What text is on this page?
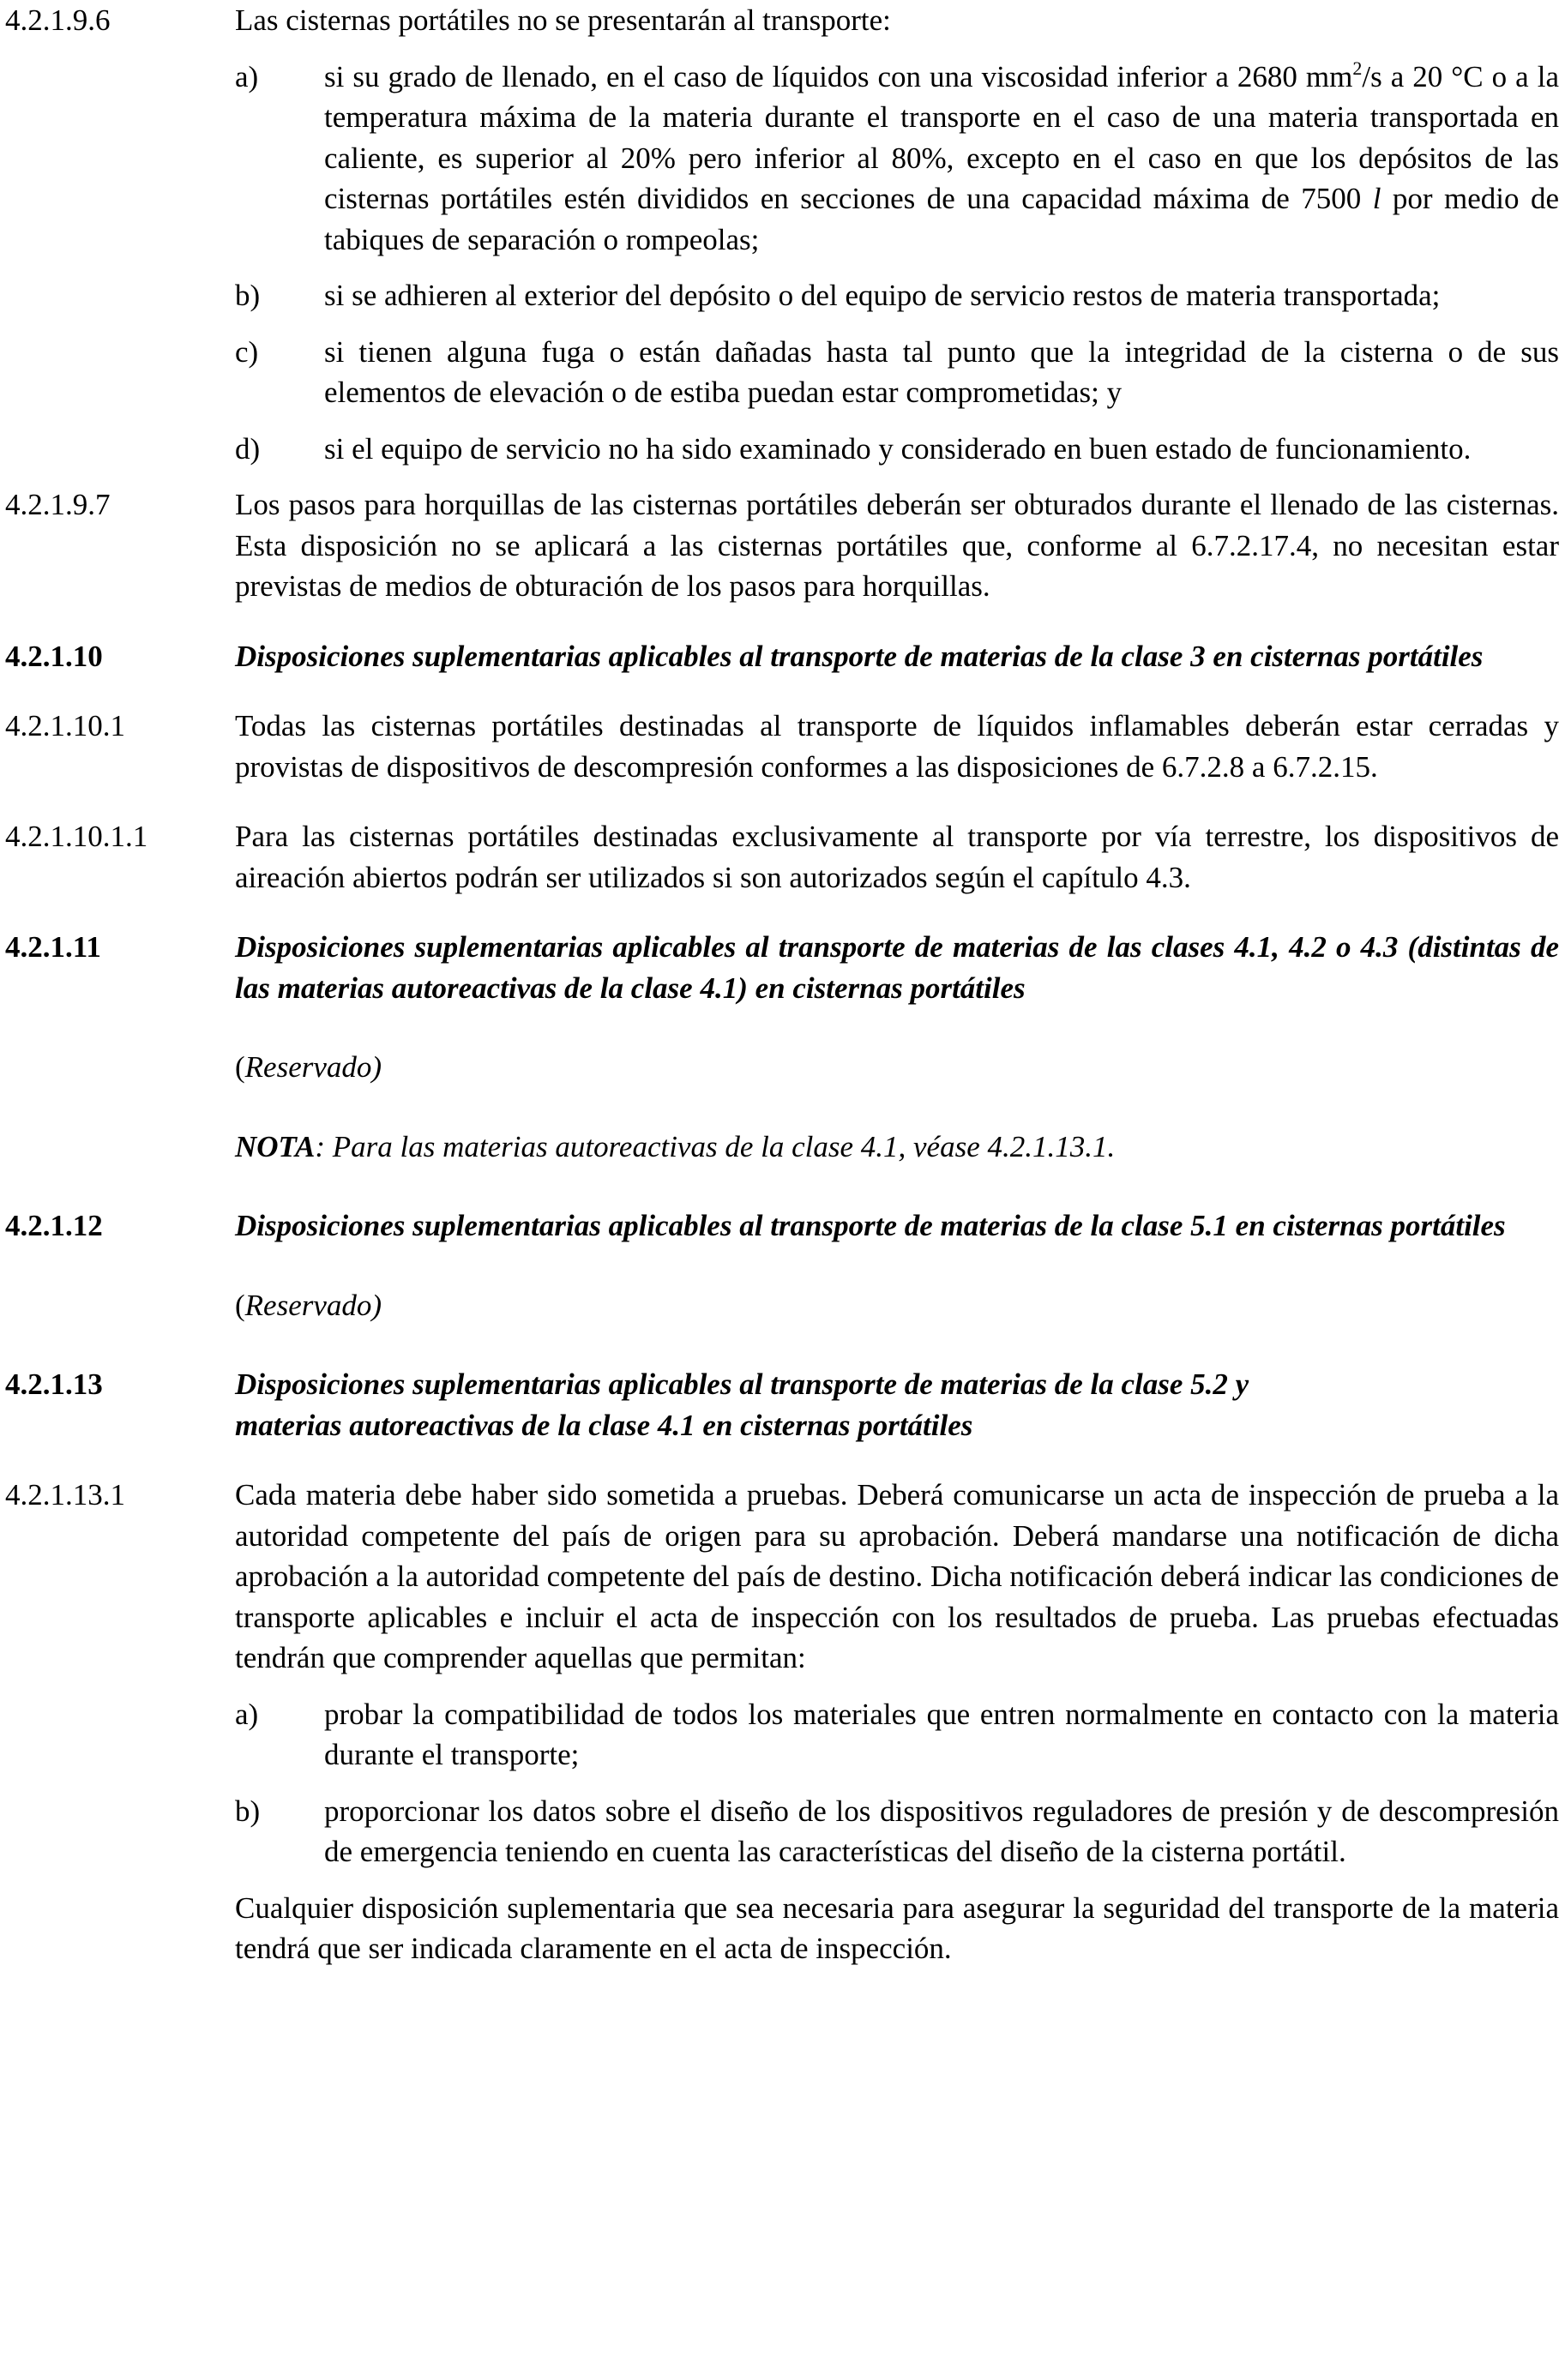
4.2.1.9.6	Las cisternas portátiles no se presentarán al transporte:
a)	si su grado de llenado, en el caso de líquidos con una viscosidad inferior a 2680 $mm^2/s$ a 20 °C o a la temperatura máxima de la materia durante el transporte en el caso de una materia transportada en caliente, es superior al 20% pero inferior al 80%, excepto en el caso en que los depósitos de las cisternas portátiles estén divididos en secciones de una capacidad máxima de 7500 l por medio de tabiques de separación o rompeolas;
b)	si se adhieren al exterior del depósito o del equipo de servicio restos de materia transportada;
c)	si tienen alguna fuga o están dañadas hasta tal punto que la integridad de la cisterna o de sus elementos de elevación o de estiba puedan estar comprometidas; y
d)	si el equipo de servicio no ha sido examinado y considerado en buen estado de funcionamiento.
4.2.1.9.7	Los pasos para horquillas de las cisternas portátiles deberán ser obturados durante el llenado de las cisternas. Esta disposición no se aplicará a las cisternas portátiles que, conforme al 6.7.2.17.4, no necesitan estar previstas de medios de obturación de los pasos para horquillas.
4.2.1.10	Disposiciones suplementarias aplicables al transporte de materias de la clase 3 en cisternas portátiles
4.2.1.10.1	Todas las cisternas portátiles destinadas al transporte de líquidos inflamables deberán estar cerradas y provistas de dispositivos de descompresión conformes a las disposiciones de 6.7.2.8 a 6.7.2.15.
4.2.1.10.1.1	Para las cisternas portátiles destinadas exclusivamente al transporte por vía terrestre, los dispositivos de aireación abiertos podrán ser utilizados si son autorizados según el capítulo 4.3.
4.2.1.11	Disposiciones suplementarias aplicables al transporte de materias de las clases 4.1, 4.2 o 4.3 (distintas de las materias autoreactivas de la clase 4.1) en cisternas portátiles
(Reservado)
NOTA: Para las materias autoreactivas de la clase 4.1, véase 4.2.1.13.1.
4.2.1.12	Disposiciones suplementarias aplicables al transporte de materias de la clase 5.1 en cisternas portátiles
(Reservado)
4.2.1.13	Disposiciones suplementarias aplicables al transporte de materias de la clase 5.2 y
materias autoreactivas de la clase 4.1 en cisternas portátiles
4.2.1.13.1	Cada materia debe haber sido sometida a pruebas. Deberá comunicarse un acta de inspección de prueba a la autoridad competente del país de origen para su aprobación. Deberá mandarse una notificación de dicha aprobación a la autoridad competente del país de destino. Dicha notificación deberá indicar las condiciones de transporte aplicables e incluir el acta de inspección con los resultados de prueba. Las pruebas efectuadas tendrán que comprender aquellas que permitan:
a)	probar la compatibilidad de todos los materiales que entren normalmente en contacto con la materia durante el transporte;
b)	proporcionar los datos sobre el diseño de los dispositivos reguladores de presión y de descompresión de emergencia teniendo en cuenta las características del diseño de la cisterna portátil.
Cualquier disposición suplementaria que sea necesaria para asegurar la seguridad del transporte de la materia tendrá que ser indicada claramente en el acta de inspección.
